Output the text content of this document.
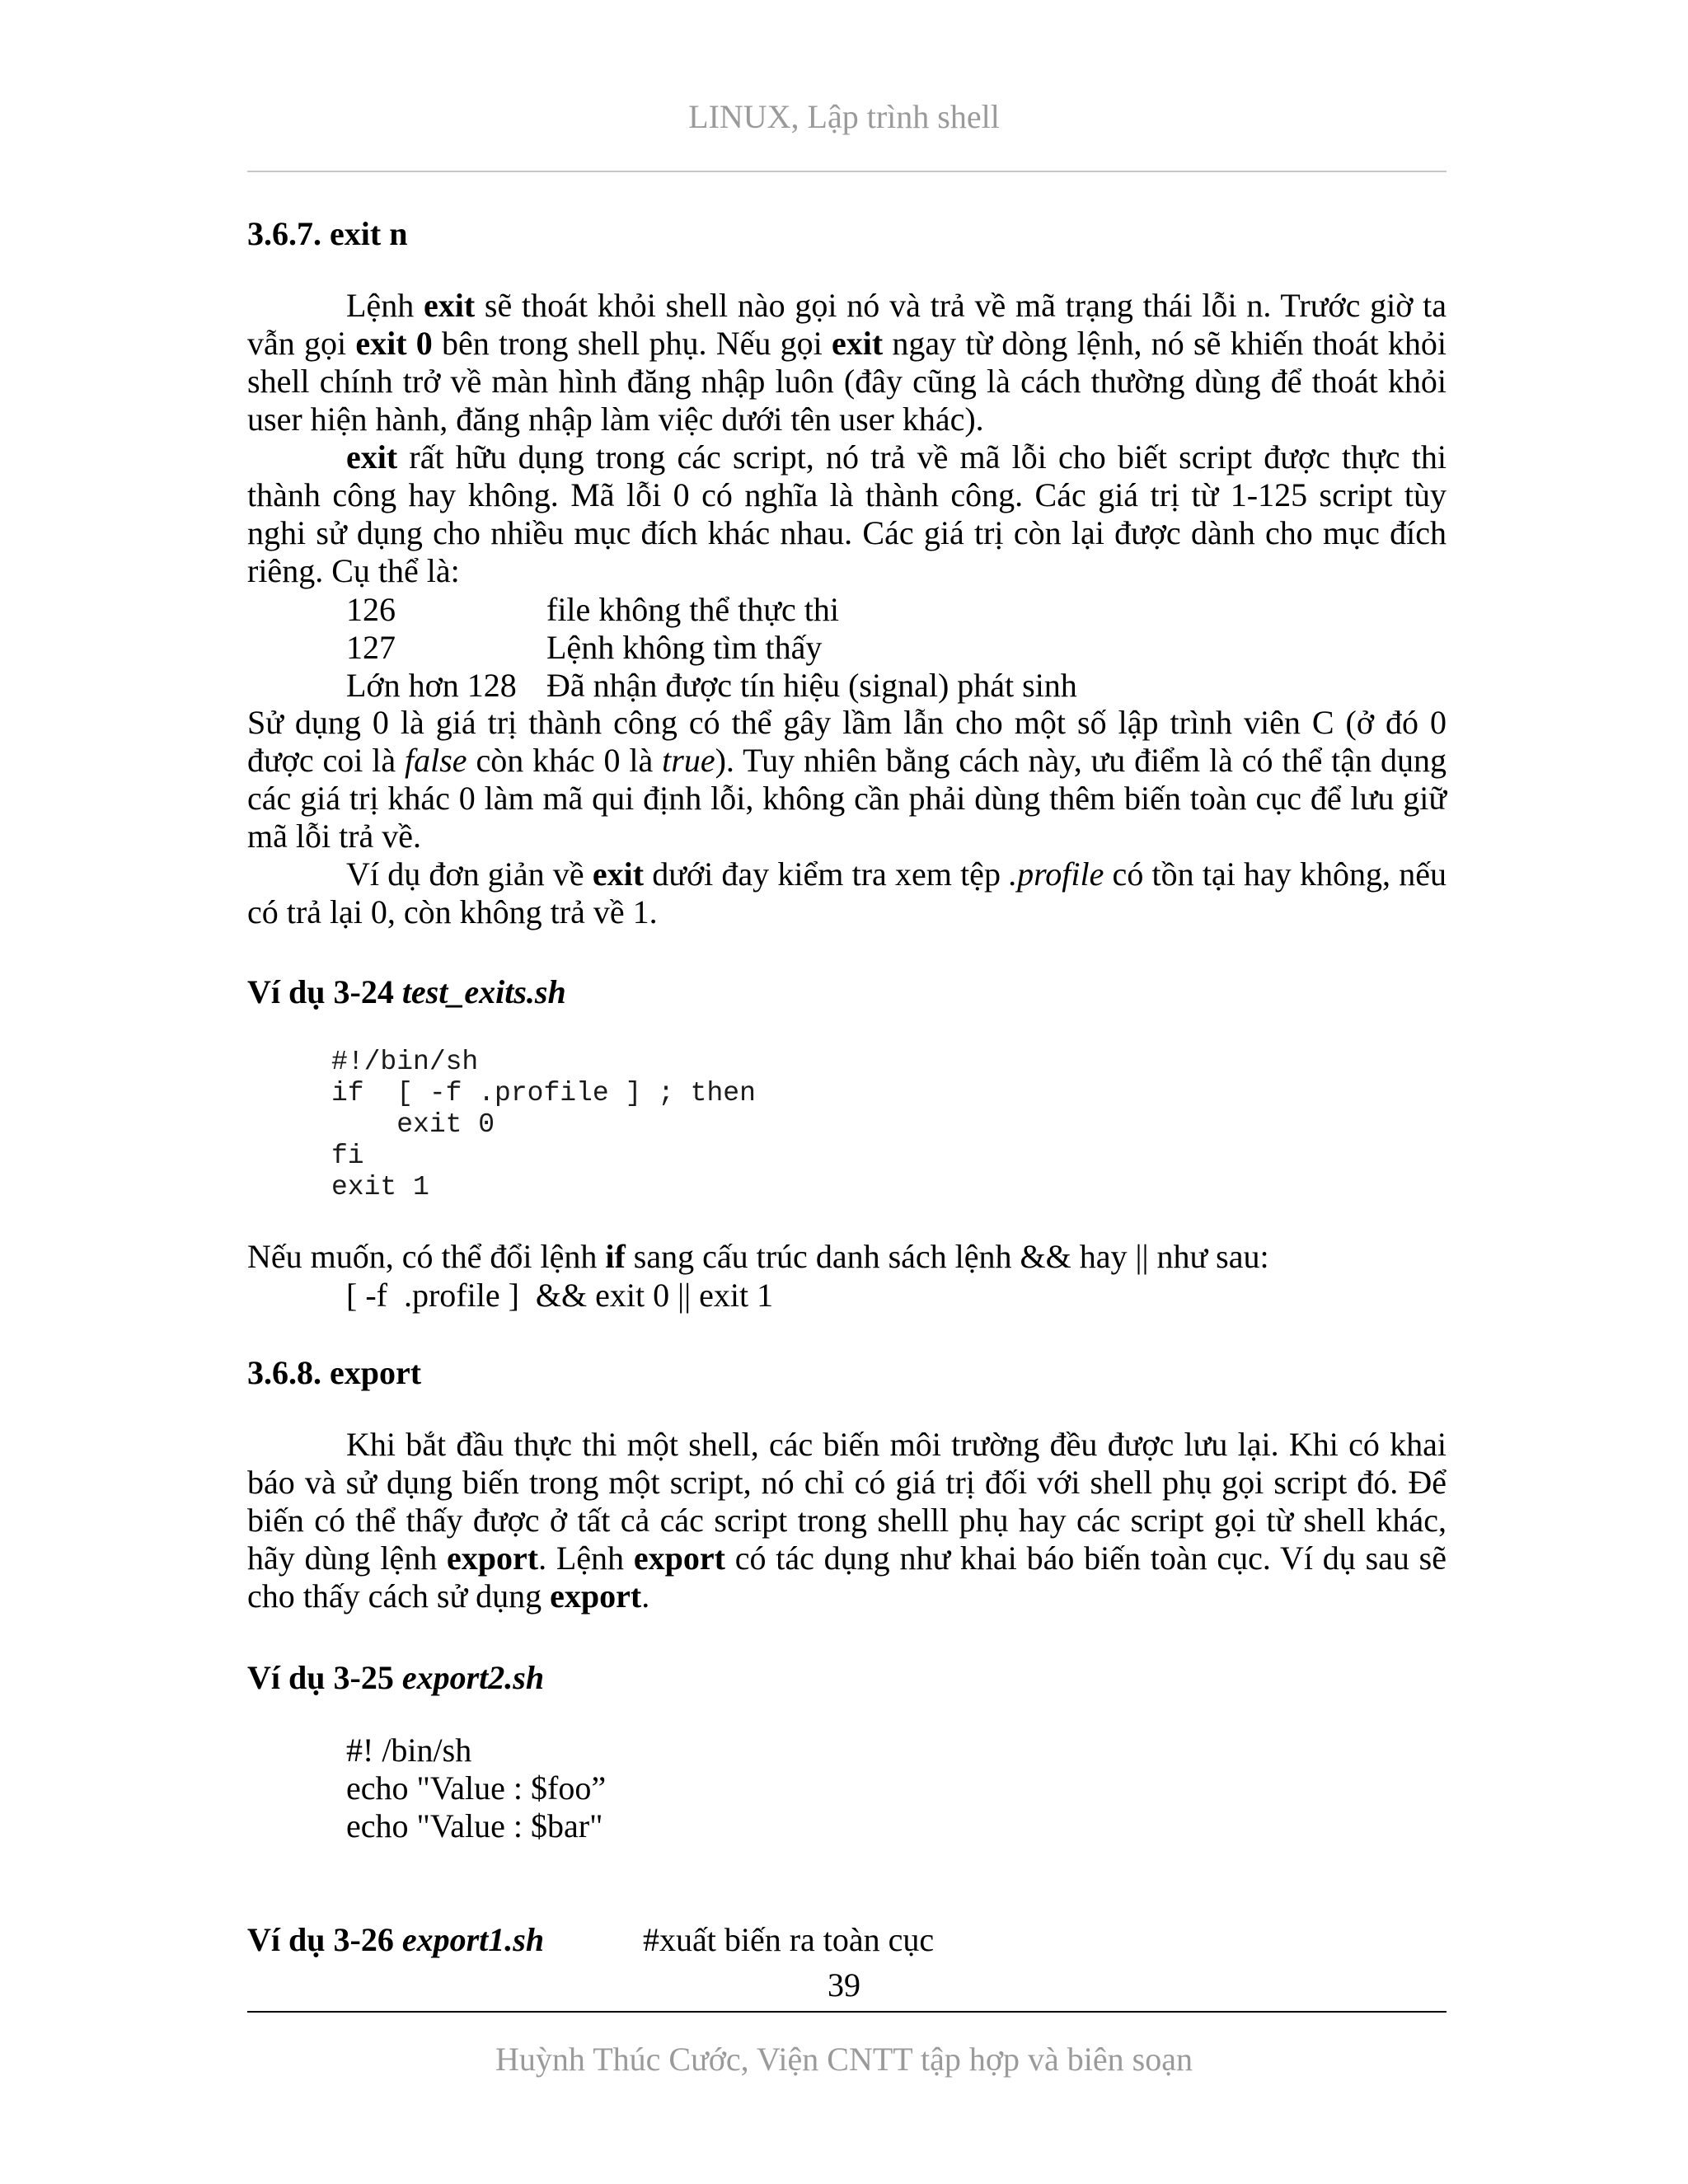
LINUX, Lập trình shell
3.6.7. exit n

Lệnh exit sẽ thoát khỏi shell nào gọi nó và trả về mã trạng thái lỗi n. Trước giờ ta vẫn gọi exit 0 bên trong shell phụ. Nếu gọi exit ngay từ dòng lệnh, nó sẽ khiến thoát khỏi shell chính trở về màn hình đăng nhập luôn (đây cũng là cách thường dùng để thoát khỏi user hiện hành, đăng nhập làm việc dưới tên user khác).

exit rất hữu dụng trong các script, nó trả về mã lỗi cho biết script được thực thi thành công hay không. Mã lỗi 0 có nghĩa là thành công. Các giá trị từ 1-125 script tùy nghi sử dụng cho nhiều mục đích khác nhau. Các giá trị còn lại được dành cho mục đích riêng. Cụ thể là:

126	file không thể thực thi
127	Lệnh không tìm thấy
Lớn hơn 128 Đã nhận được tín hiệu (signal) phát sinh

Sử dụng 0 là giá trị thành công có thể gây lầm lẫn cho một số lập trình viên C (ở đó 0 được coi là false còn khác 0 là true). Tuy nhiên bằng cách này, ưu điểm là có thể tận dụng các giá trị khác 0 làm mã qui định lỗi, không cần phải dùng thêm biến toàn cục để lưu giữ mã lỗi trả về.

Ví dụ đơn giản về exit dưới đay kiểm tra xem tệp .profile có tồn tại hay không, nếu có trả lại 0, còn không trả về 1.

Ví dụ 3-24 test_exits.sh
#!/bin/sh
if  [ -f .profile ] ; then
exit 0
fi
exit 1

Nếu muốn, có thể đổi lệnh if sang cấu trúc danh sách lệnh && hay || như sau:

[ -f  .profile ]  && exit 0 || exit 1
3.6.8. export

Khi bắt đầu thực thi một shell, các biến môi trường đều được lưu lại. Khi có khai báo và sử dụng biến trong một script, nó chỉ có giá trị đối với shell phụ gọi script đó. Để biến có thể thấy được ở tất cả các script trong shelll phụ hay các script gọi từ shell khác, hãy dùng lệnh export. Lệnh export có tác dụng như khai báo biến toàn cục. Ví dụ sau sẽ cho thấy cách sử dụng export.

Ví dụ 3-25 export2.sh
#! /bin/sh
echo "Value : $foo”
echo "Value : $bar"
Ví dụ 3-26 export1.sh	#xuất biến ra toàn cục
39
Huỳnh Thúc Cước, Viện CNTT tập hợp và biên soạn
